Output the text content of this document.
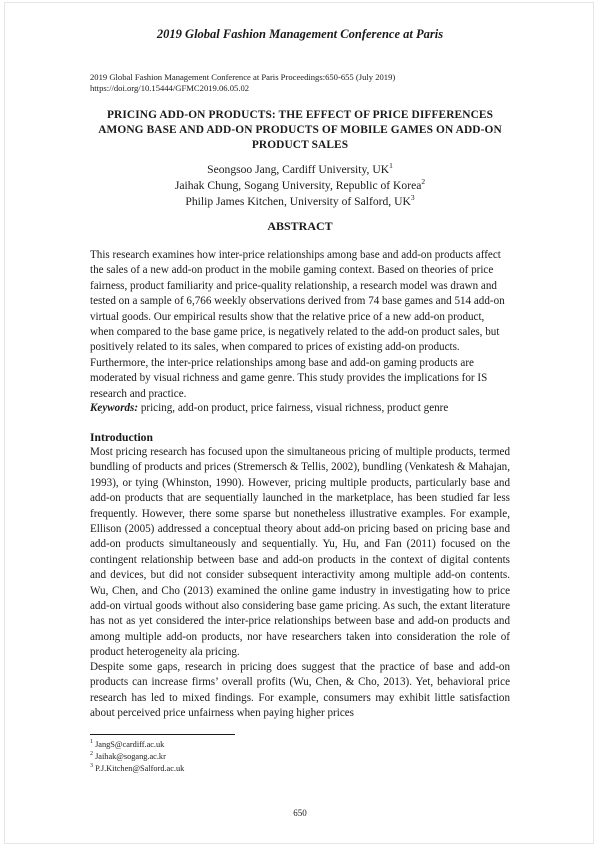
2019 Global Fashion Management Conference at Paris
2019 Global Fashion Management Conference at Paris Proceedings:650-655 (July 2019)
https://doi.org/10.15444/GFMC2019.06.05.02
PRICING ADD-ON PRODUCTS: THE EFFECT OF PRICE DIFFERENCES AMONG BASE AND ADD-ON PRODUCTS OF MOBILE GAMES ON ADD-ON PRODUCT SALES
Seongsoo Jang, Cardiff University, $UK^1$
Jaihak Chung, Sogang University, Republic of Korea$^2$
Philip James Kitchen, University of Salford, $UK^3$
ABSTRACT
This research examines how inter-price relationships among base and add-on products affect the sales of a new add-on product in the mobile gaming context. Based on theories of price fairness, product familiarity and price-quality relationship, a research model was drawn and tested on a sample of 6,766 weekly observations derived from 74 base games and 514 add-on virtual goods. Our empirical results show that the relative price of a new add-on product, when compared to the base game price, is negatively related to the add-on product sales, but positively related to its sales, when compared to prices of existing add-on products. Furthermore, the inter-price relationships among base and add-on gaming products are moderated by visual richness and game genre. This study provides the implications for IS research and practice.
Keywords: pricing, add-on product, price fairness, visual richness, product genre
Introduction
Most pricing research has focused upon the simultaneous pricing of multiple products, termed bundling of products and prices (Stremersch & Tellis, 2002), bundling (Venkatesh & Mahajan, 1993), or tying (Whinston, 1990). However, pricing multiple products, particularly base and add-on products that are sequentially launched in the marketplace, has been studied far less frequently. However, there some sparse but nonetheless illustrative examples. For example, Ellison (2005) addressed a conceptual theory about add-on pricing based on pricing base and add-on products simultaneously and sequentially. Yu, Hu, and Fan (2011) focused on the contingent relationship between base and add-on products in the context of digital contents and devices, but did not consider subsequent interactivity among multiple add-on contents. Wu, Chen, and Cho (2013) examined the online game industry in investigating how to price add-on virtual goods without also considering base game pricing. As such, the extant literature has not as yet considered the inter-price relationships between base and add-on products and among multiple add-on products, nor have researchers taken into consideration the role of product heterogeneity ala pricing.
Despite some gaps, research in pricing does suggest that the practice of base and add-on products can increase firms’ overall profits (Wu, Chen, & Cho, 2013). Yet, behavioral price research has led to mixed findings. For example, consumers may exhibit little satisfaction about perceived price unfairness when paying higher prices
$^1$ JangS@cardiff.ac.uk
$^2$ Jaihak@sogang.ac.kr
$^3$ P.J.Kitchen@Salford.ac.uk
650
